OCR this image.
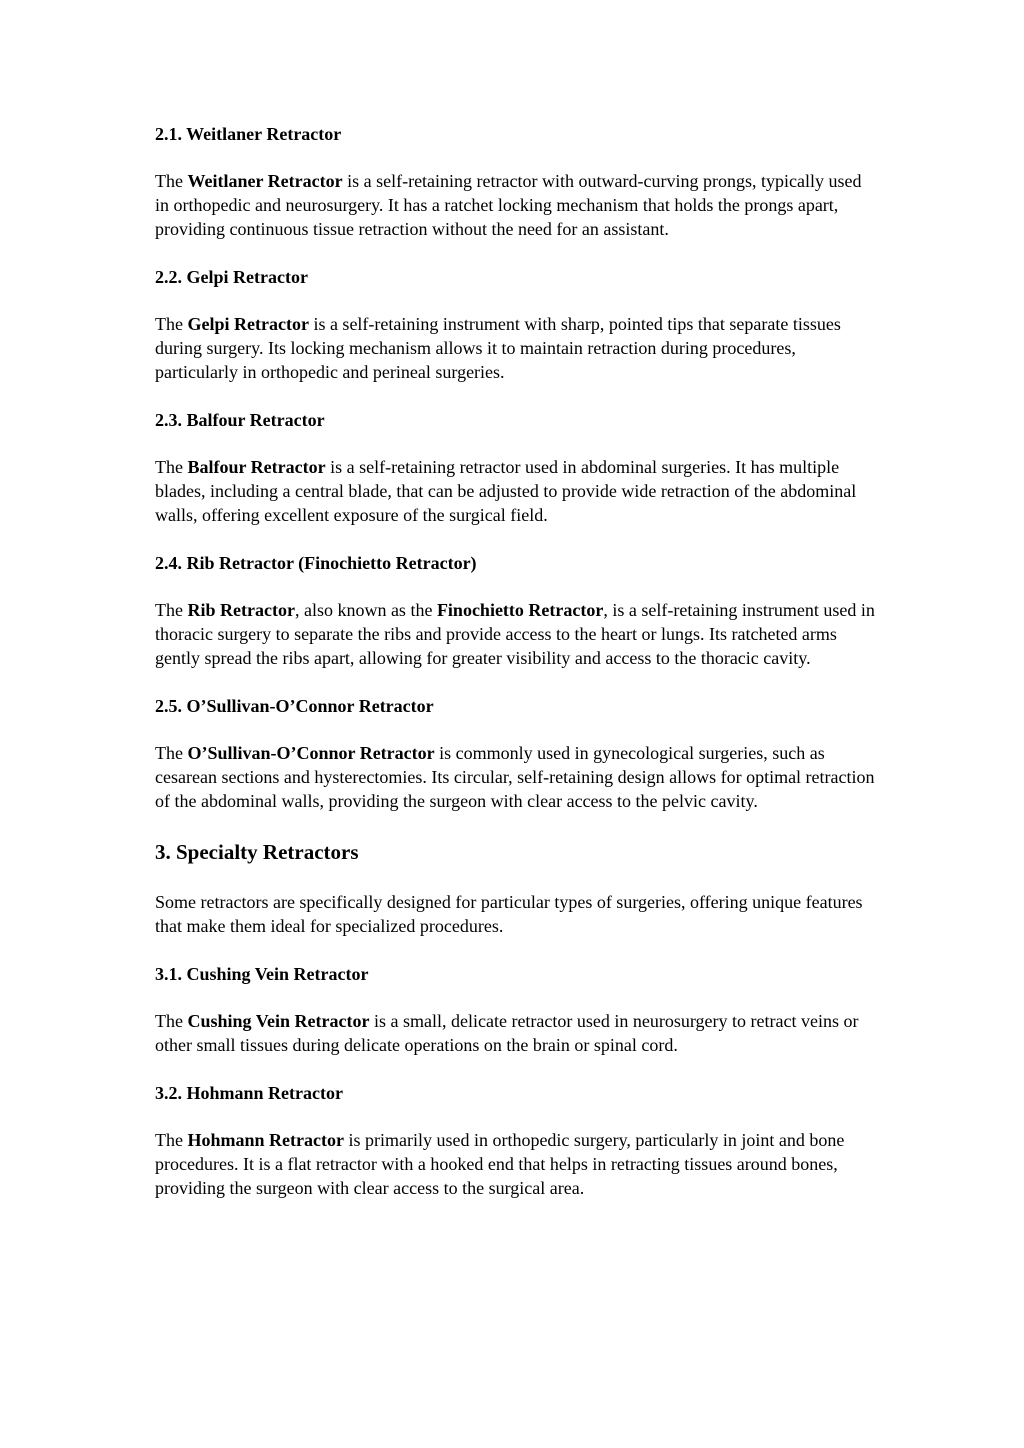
2.1. Weitlaner Retractor

The Weitlaner Retractor is a self-retaining retractor with outward-curving prongs, typically used in orthopedic and neurosurgery. It has a ratchet locking mechanism that holds the prongs apart, providing continuous tissue retraction without the need for an assistant.

2.2. Gelpi Retractor

The Gelpi Retractor is a self-retaining instrument with sharp, pointed tips that separate tissues during surgery. Its locking mechanism allows it to maintain retraction during procedures, particularly in orthopedic and perineal surgeries.

2.3. Balfour Retractor

The Balfour Retractor is a self-retaining retractor used in abdominal surgeries. It has multiple blades, including a central blade, that can be adjusted to provide wide retraction of the abdominal walls, offering excellent exposure of the surgical field.

2.4. Rib Retractor (Finochietto Retractor)

The Rib Retractor, also known as the Finochietto Retractor, is a self-retaining instrument used in thoracic surgery to separate the ribs and provide access to the heart or lungs. Its ratcheted arms gently spread the ribs apart, allowing for greater visibility and access to the thoracic cavity.

2.5. O’Sullivan-O’Connor Retractor

The O’Sullivan-O’Connor Retractor is commonly used in gynecological surgeries, such as cesarean sections and hysterectomies. Its circular, self-retaining design allows for optimal retraction of the abdominal walls, providing the surgeon with clear access to the pelvic cavity.

3. Specialty Retractors

Some retractors are specifically designed for particular types of surgeries, offering unique features that make them ideal for specialized procedures.

3.1. Cushing Vein Retractor

The Cushing Vein Retractor is a small, delicate retractor used in neurosurgery to retract veins or other small tissues during delicate operations on the brain or spinal cord.

3.2. Hohmann Retractor

The Hohmann Retractor is primarily used in orthopedic surgery, particularly in joint and bone procedures. It is a flat retractor with a hooked end that helps in retracting tissues around bones, providing the surgeon with clear access to the surgical area.
